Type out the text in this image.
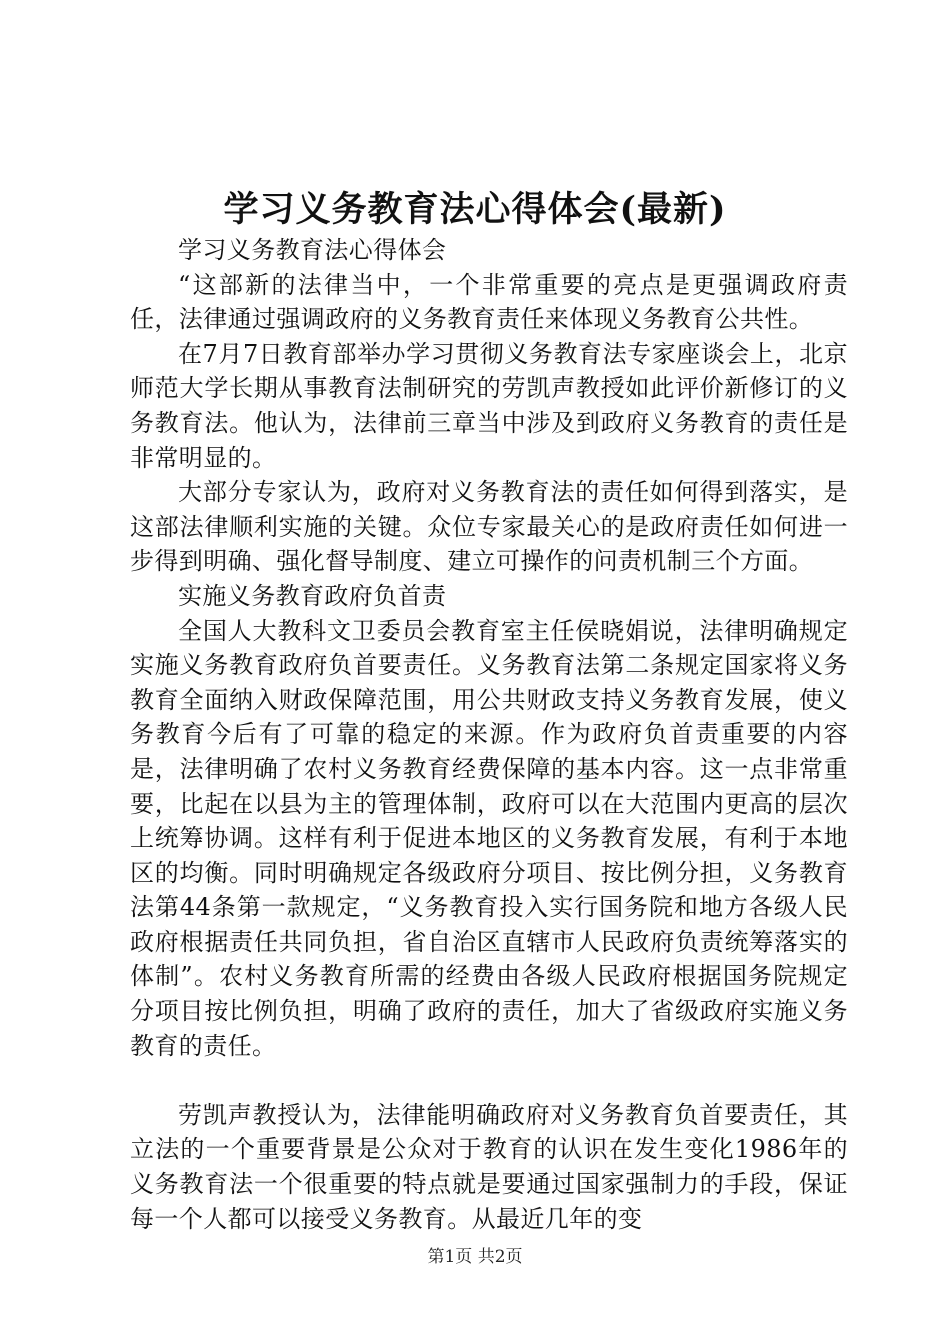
学习义务教育法心得体会(最新)

学习义务教育法心得体会

“这部新的法律当中，一个非常重要的亮点是更强调政府责任，法律通过强调政府的义务教育责任来体现义务教育公共性。

在7月7日教育部举办学习贯彻义务教育法专家座谈会上，北京师范大学长期从事教育法制研究的劳凯声教授如此评价新修订的义务教育法。他认为，法律前三章当中涉及到政府义务教育的责任是非常明显的。

大部分专家认为，政府对义务教育法的责任如何得到落实，是这部法律顺利实施的关键。众位专家最关心的是政府责任如何进一步得到明确、强化督导制度、建立可操作的问责机制三个方面。

实施义务教育政府负首责

全国人大教科文卫委员会教育室主任侯晓娟说，法律明确规定实施义务教育政府负首要责任。义务教育法第二条规定国家将义务教育全面纳入财政保障范围，用公共财政支持义务教育发展，使义务教育今后有了可靠的稳定的来源。作为政府负首责重要的内容是，法律明确了农村义务教育经费保障的基本内容。这一点非常重要，比起在以县为主的管理体制，政府可以在大范围内更高的层次上统筹协调。这样有利于促进本地区的义务教育发展，有利于本地区的均衡。同时明确规定各级政府分项目、按比例分担，义务教育法第44条第一款规定，“义务教育投入实行国务院和地方各级人民政府根据责任共同负担，省自治区直辖市人民政府负责统筹落实的体制”。农村义务教育所需的经费由各级人民政府根据国务院规定分项目按比例负担，明确了政府的责任，加大了省级政府实施义务教育的责任。

劳凯声教授认为，法律能明确政府对义务教育负首要责任，其立法的一个重要背景是公众对于教育的认识在发生变化1986年的义务教育法一个很重要的特点就是要通过国家强制力的手段，保证每一个人都可以接受义务教育。从最近几年的变

第1页 共2页
